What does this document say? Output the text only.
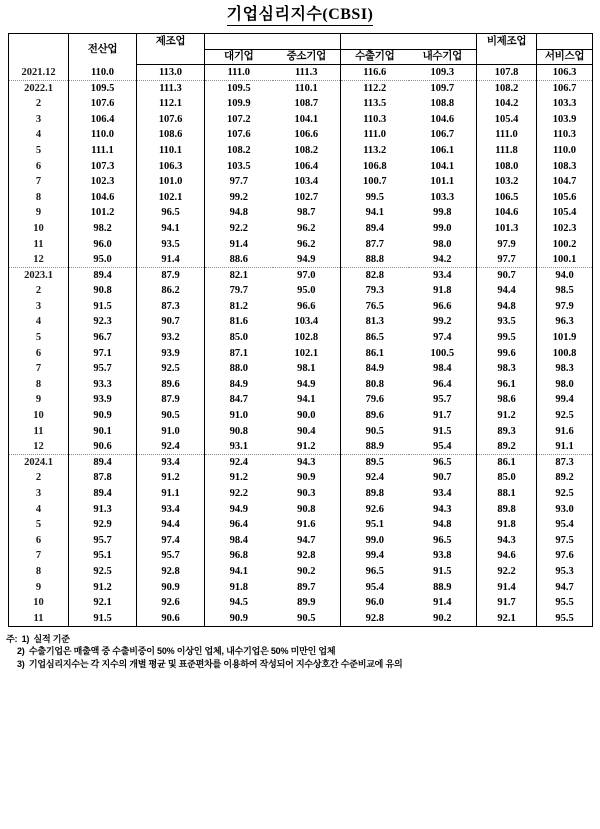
기업심리지수(CBSI)
	전산업	제조업					비제조업	
			대기업	중소기업	수출기업	내수기업		서비스업
2021.12	110.0	113.0	111.0	111.3	116.6	109.3	107.8	106.3
2022.1	109.5	111.3	109.5	110.1	112.2	109.7	108.2	106.7
2	107.6	112.1	109.9	108.7	113.5	108.8	104.2	103.3
3	106.4	107.6	107.2	104.1	110.3	104.6	105.4	103.9
4	110.0	108.6	107.6	106.6	111.0	106.7	111.0	110.3
5	111.1	110.1	108.2	108.2	113.2	106.1	111.8	110.0
6	107.3	106.3	103.5	106.4	106.8	104.1	108.0	108.3
7	102.3	101.0	97.7	103.4	100.7	101.1	103.2	104.7
8	104.6	102.1	99.2	102.7	99.5	103.3	106.5	105.6
9	101.2	96.5	94.8	98.7	94.1	99.8	104.6	105.4
10	98.2	94.1	92.2	96.2	89.4	99.0	101.3	102.3
11	96.0	93.5	91.4	96.2	87.7	98.0	97.9	100.2
12	95.0	91.4	88.6	94.9	88.8	94.2	97.7	100.1
2023.1	89.4	87.9	82.1	97.0	82.8	93.4	90.7	94.0
2	90.8	86.2	79.7	95.0	79.3	91.8	94.4	98.5
3	91.5	87.3	81.2	96.6	76.5	96.6	94.8	97.9
4	92.3	90.7	81.6	103.4	81.3	99.2	93.5	96.3
5	96.7	93.2	85.0	102.8	86.5	97.4	99.5	101.9
6	97.1	93.9	87.1	102.1	86.1	100.5	99.6	100.8
7	95.7	92.5	88.0	98.1	84.9	98.4	98.3	98.3
8	93.3	89.6	84.9	94.9	80.8	96.4	96.1	98.0
9	93.9	87.9	84.7	94.1	79.6	95.7	98.6	99.4
10	90.9	90.5	91.0	90.0	89.6	91.7	91.2	92.5
11	90.1	91.0	90.8	90.4	90.5	91.5	89.3	91.6
12	90.6	92.4	93.1	91.2	88.9	95.4	89.2	91.1
2024.1	89.4	93.4	92.4	94.3	89.5	96.5	86.1	87.3
2	87.8	91.2	91.2	90.9	92.4	90.7	85.0	89.2
3	89.4	91.1	92.2	90.3	89.8	93.4	88.1	92.5
4	91.3	93.4	94.9	90.8	92.6	94.3	89.8	93.0
5	92.9	94.4	96.4	91.6	95.1	94.8	91.8	95.4
6	95.7	97.4	98.4	94.7	99.0	96.5	94.3	97.5
7	95.1	95.7	96.8	92.8	99.4	93.8	94.6	97.6
8	92.5	92.8	94.1	90.2	96.5	91.5	92.2	95.3
9	91.2	90.9	91.8	89.7	95.4	88.9	91.4	94.7
10	92.1	92.6	94.5	89.9	96.0	91.4	91.7	95.5
11	91.5	90.6	90.9	90.5	92.8	90.2	92.1	95.5
주: 1) 실적 기준
2) 수출기업은 매출액 중 수출비중이 50% 이상인 업체, 내수기업은 50% 미만인 업체
3) 기업심리지수는 각 지수의 개별 평균 및 표준편차를 이용하여 작성되어 지수상호간 수준비교에 유의
